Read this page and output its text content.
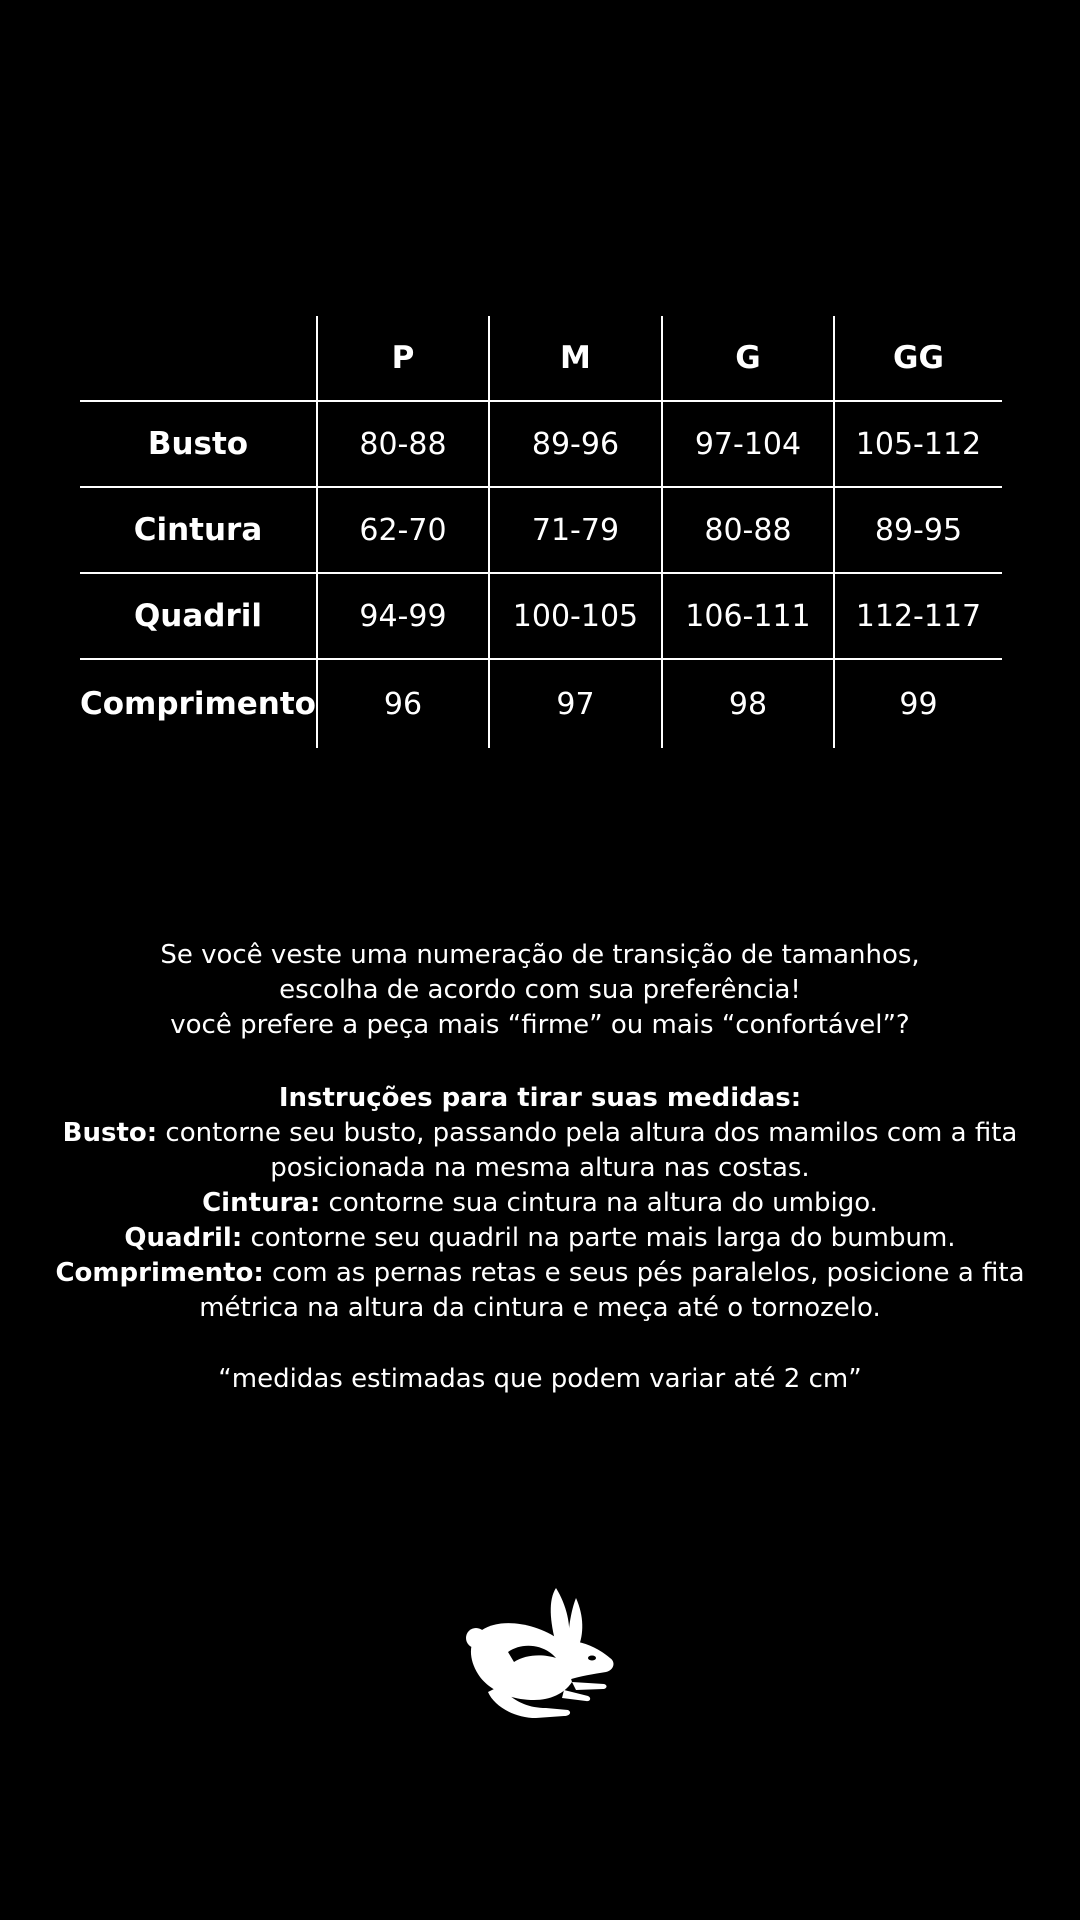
	P	M	G	GG
Busto	80-88	89-96	97-104	105-112
Cintura	62-70	71-79	80-88	89-95
Quadril	94-99	100-105	106-111	112-117
Comprimento	96	97	98	99

Se você veste uma numeração de transição de tamanhos,

escolha de acordo com sua preferência!

você prefere a peça mais “firme” ou mais “confortável”?

Instruções para tirar suas medidas:

Busto: contorne seu busto, passando pela altura dos mamilos com a fita

posicionada na mesma altura nas costas.

Cintura: contorne sua cintura na altura do umbigo.

Quadril: contorne seu quadril na parte mais larga do bumbum.

Comprimento: com as pernas retas e seus pés paralelos, posicione a fita

métrica na altura da cintura e meça até o tornozelo.

“medidas estimadas que podem variar até 2 cm”
